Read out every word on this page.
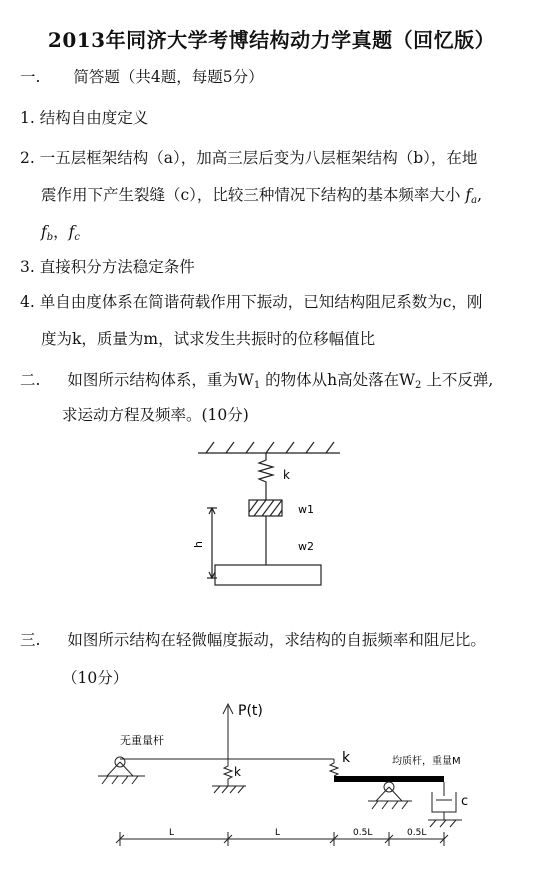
2013年同济大学考博结构动力学真题（回忆版）
一. 简答题（共4题，每题5分）
1. 结构自由度定义
2. 一五层框架结构（a），加高三层后变为八层框架结构（b），在地
震作用下产生裂缝（c），比较三种情况下结构的基本频率大小 fa,
fb，fc
3. 直接积分方法稳定条件
4. 单自由度体系在简谐荷载作用下振动，已知结构阻尼系数为c，刚
度为k，质量为m，试求发生共振时的位移幅值比
二. 如图所示结构体系，重为W1 的物体从h高处落在W2 上不反弹,
求运动方程及频率。(10分)
k
w1
w2
h
三. 如图所示结构在轻微幅度振动，求结构的自振频率和阻尼比。
（10分）
P(t)
无重量杆
k
k	均质杆，重量M
c
L	L	0.5L	0.5L
